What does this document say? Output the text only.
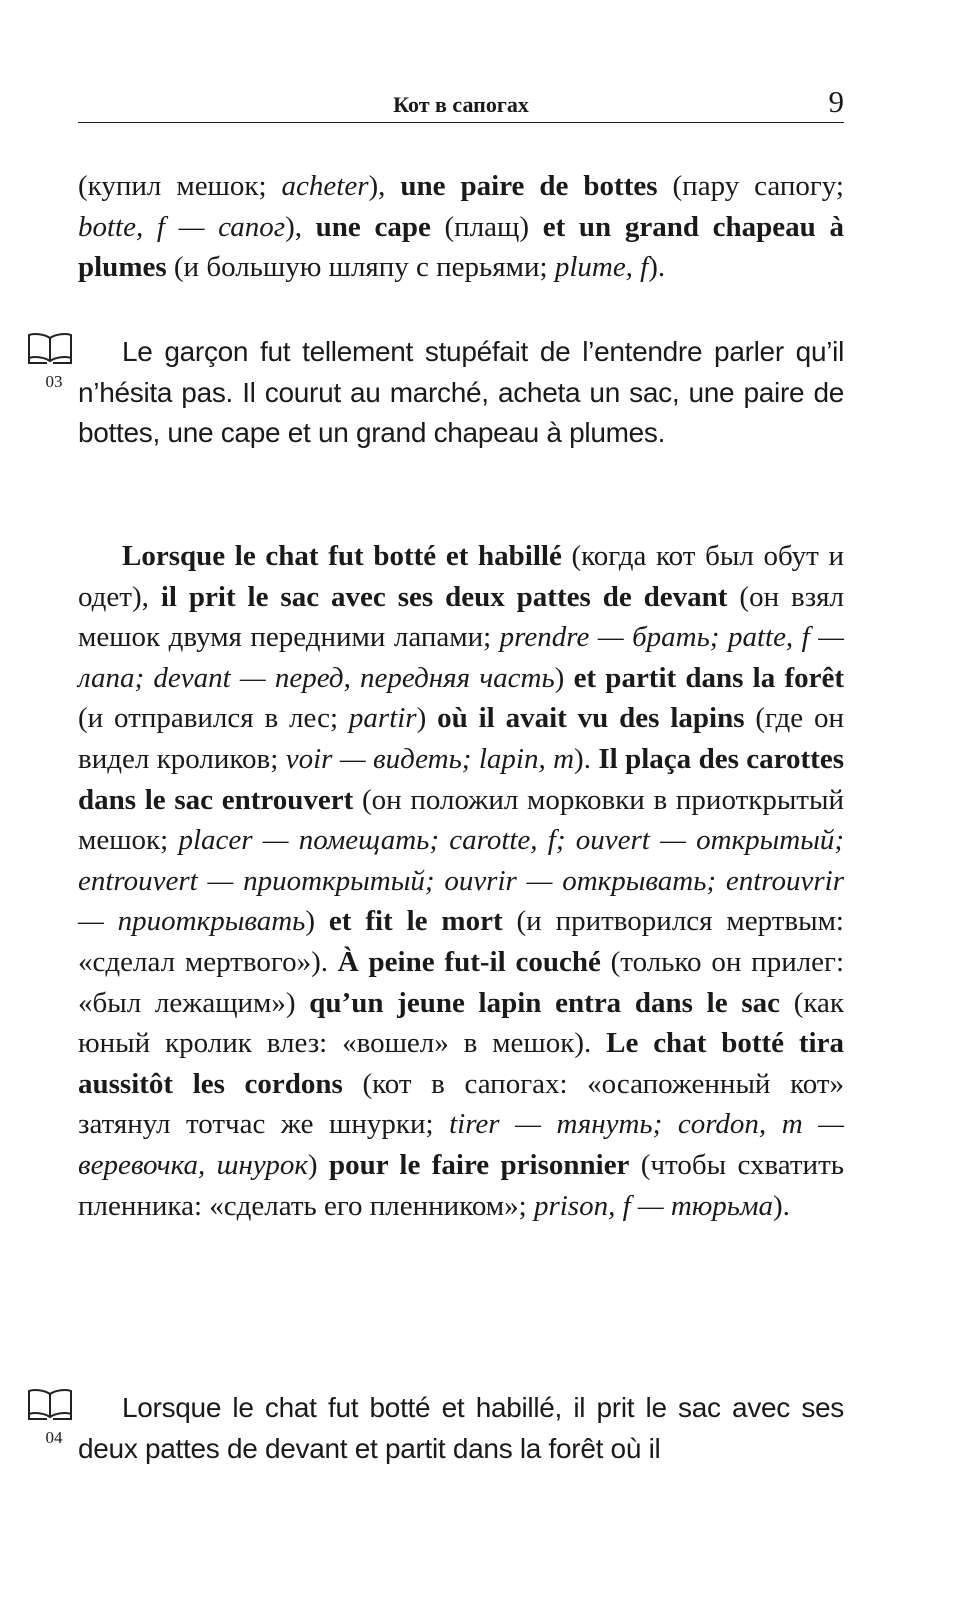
Кот в сапогах	9

(купил мешок; acheter), une paire de bottes (пару сапогу; botte, f — сапог), une cape (плащ) et un grand chapeau à plumes (и большую шляпу с перьями; plume, f).

03

Le garçon fut tellement stupéfait de l’entendre parler qu’il n’hésita pas. Il courut au marché, acheta un sac, une paire de bottes, une cape et un grand chapeau à plumes.

Lorsque le chat fut botté et habillé (когда кот был обут и одет), il prit le sac avec ses deux pattes de devant (он взял мешок двумя передними лапами; prendre — брать; patte, f — лапа; devant — перед, передняя часть) et partit dans la forêt (и отправился в лес; partir) où il avait vu des lapins (где он видел кроликов; voir — видеть; lapin, m). Il plaça des carottes dans le sac entrouvert (он положил морковки в приоткрытый мешок; placer — помещать; carotte, f; ouvert — открытый; entrouvert — приоткрытый; ouvrir — открывать; entrouvrir — приоткрывать) et fit le mort (и притворился мертвым: «сделал мертвого»). À peine fut-il couché (только он прилег: «был лежащим») qu’un jeune lapin entra dans le sac (как юный кролик влез: «вошел» в мешок). Le chat botté tira aussitôt les cordons (кот в сапогах: «осапоженный кот» затянул тотчас же шнурки; tirer — тянуть; cordon, m — веревочка, шнурок) pour le faire prisonnier (чтобы схватить пленника: «сделать его пленником»; prison, f — тюрьма).

04

Lorsque le chat fut botté et habillé, il prit le sac avec ses deux pattes de devant et partit dans la forêt où il
